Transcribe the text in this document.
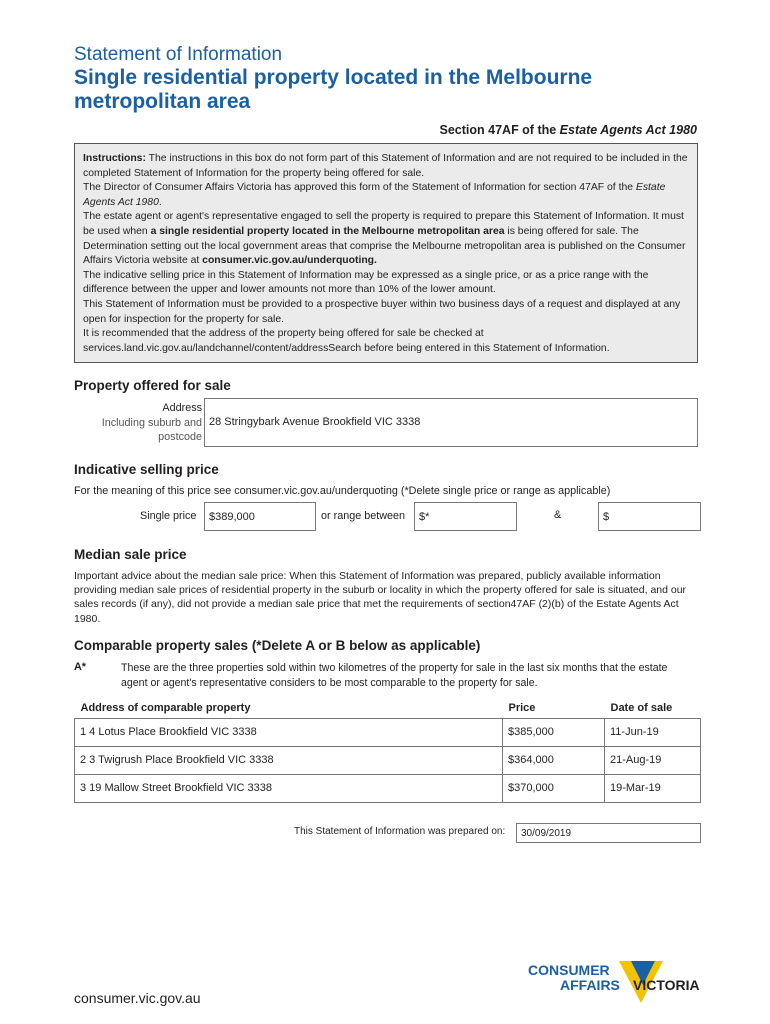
Statement of Information
Single residential property located in the Melbourne metropolitan area
Section 47AF of the Estate Agents Act 1980

Instructions: The instructions in this box do not form part of this Statement of Information and are not required to be included in the completed Statement of Information for the property being offered for sale.

The Director of Consumer Affairs Victoria has approved this form of the Statement of Information for section 47AF of the Estate Agents Act 1980.

The estate agent or agent's representative engaged to sell the property is required to prepare this Statement of Information. It must be used when a single residential property located in the Melbourne metropolitan area is being offered for sale. The Determination setting out the local government areas that comprise the Melbourne metropolitan area is published on the Consumer Affairs Victoria website at consumer.vic.gov.au/underquoting.

The indicative selling price in this Statement of Information may be expressed as a single price, or as a price range with the difference between the upper and lower amounts not more than 10% of the lower amount.

This Statement of Information must be provided to a prospective buyer within two business days of a request and displayed at any open for inspection for the property for sale.

It is recommended that the address of the property being offered for sale be checked at services.land.vic.gov.au/landchannel/content/addressSearch before being entered in this Statement of Information.

Property offered for sale
Address
Including suburb and
postcode
28 Stringybark Avenue Brookfield VIC 3338
Indicative selling price
For the meaning of this price see consumer.vic.gov.au/underquoting (*Delete single price or range as applicable)
Single price $389,000	or range between $*	&	$
Median sale price
Important advice about the median sale price: When this Statement of Information was prepared, publicly available information providing median sale prices of residential property in the suburb or locality in which the property offered for sale is situated, and our sales records (if any), did not provide a median sale price that met the requirements of section47AF (2)(b) of the Estate Agents Act 1980.
Comparable property sales (*Delete A or B below as applicable)
A*	These are the three properties sold within two kilometres of the property for sale in the last six months that the estate agent or agent's representative considers to be most comparable to the property for sale.
Address of comparable property	Price	Date of sale
1 4 Lotus Place Brookfield VIC 3338	$385,000	11-Jun-19
2 3 Twigrush Place Brookfield VIC 3338	$364,000	21-Aug-19
3 19 Mallow Street Brookfield VIC 3338	$370,000	19-Mar-19
This Statement of Information was prepared on: 30/09/2019
consumer.vic.gov.au
CONSUMER
AFFAIRS VICTORIA
